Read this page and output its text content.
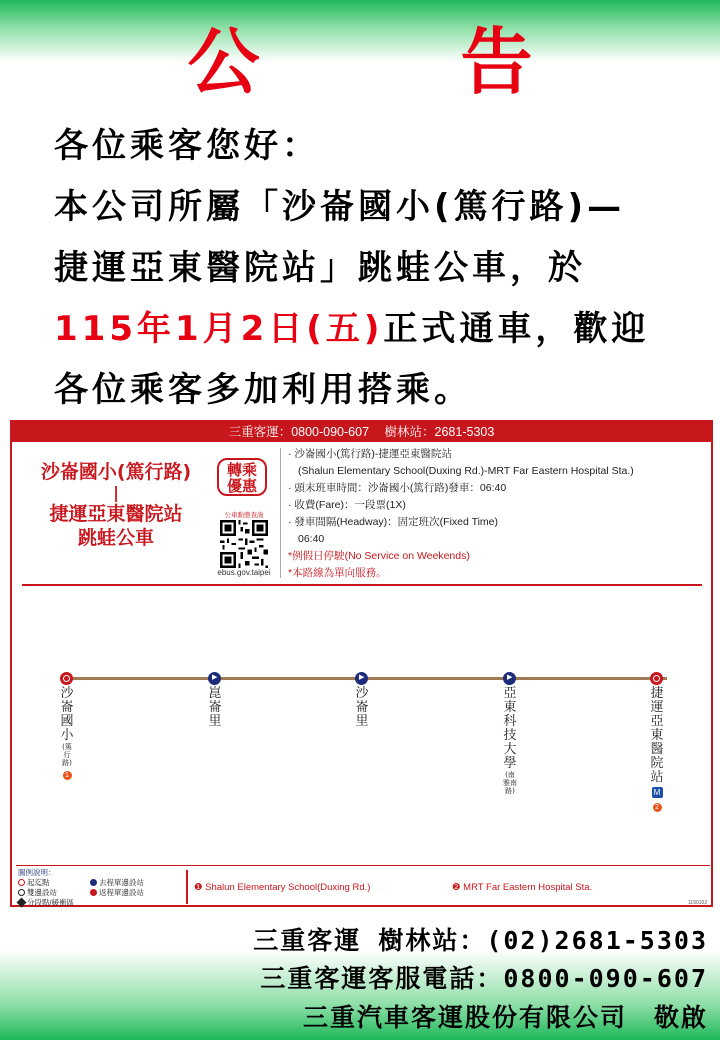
公 告
各位乘客您好：
本公司所屬「沙崙國小(篤行路)—
捷運亞東醫院站」跳蛙公車，於
115年1月2日(五)正式通車，歡迎
各位乘客多加利用搭乘。
三重客運：0800-090-607 樹林站：2681-5303
沙崙國小(篤行路)
|
捷運亞東醫院站
跳蛙公車
轉乘
優惠
公車動態查詢
ebus.gov.taipei
· 沙崙國小(篤行路)-捷運亞東醫院站
(Shalun Elementary School(Duxing Rd.)-MRT Far Eastern Hospital Sta.)
· 頭末班車時間：沙崙國小(篤行路)發車：06:40
· 收費(Fare)：一段票(1X)
· 發車間隔(Headway)：固定班次(Fixed Time)
06:40
*例假日停駛(No Service on Weekends)
*本路線為單向服務。
沙崙國小
(篤行路)
1
▶
崑崙里
▶
沙崙里
▶
亞東科技大學
(南雅南路)
捷運亞東醫院站 M 2
圖例說明：
起迄點
雙邊設站
分段點/緩衝區
去程單邊設站
返程單邊設站	❶ Shalun Elementary School(Duxing Rd.)	❷ MRT Far Eastern Hospital Sta.
1150102
三重客運 樹林站：(02)2681-5303
三重客運客服電話：0800-090-607
三重汽車客運股份有限公司　敬啟
